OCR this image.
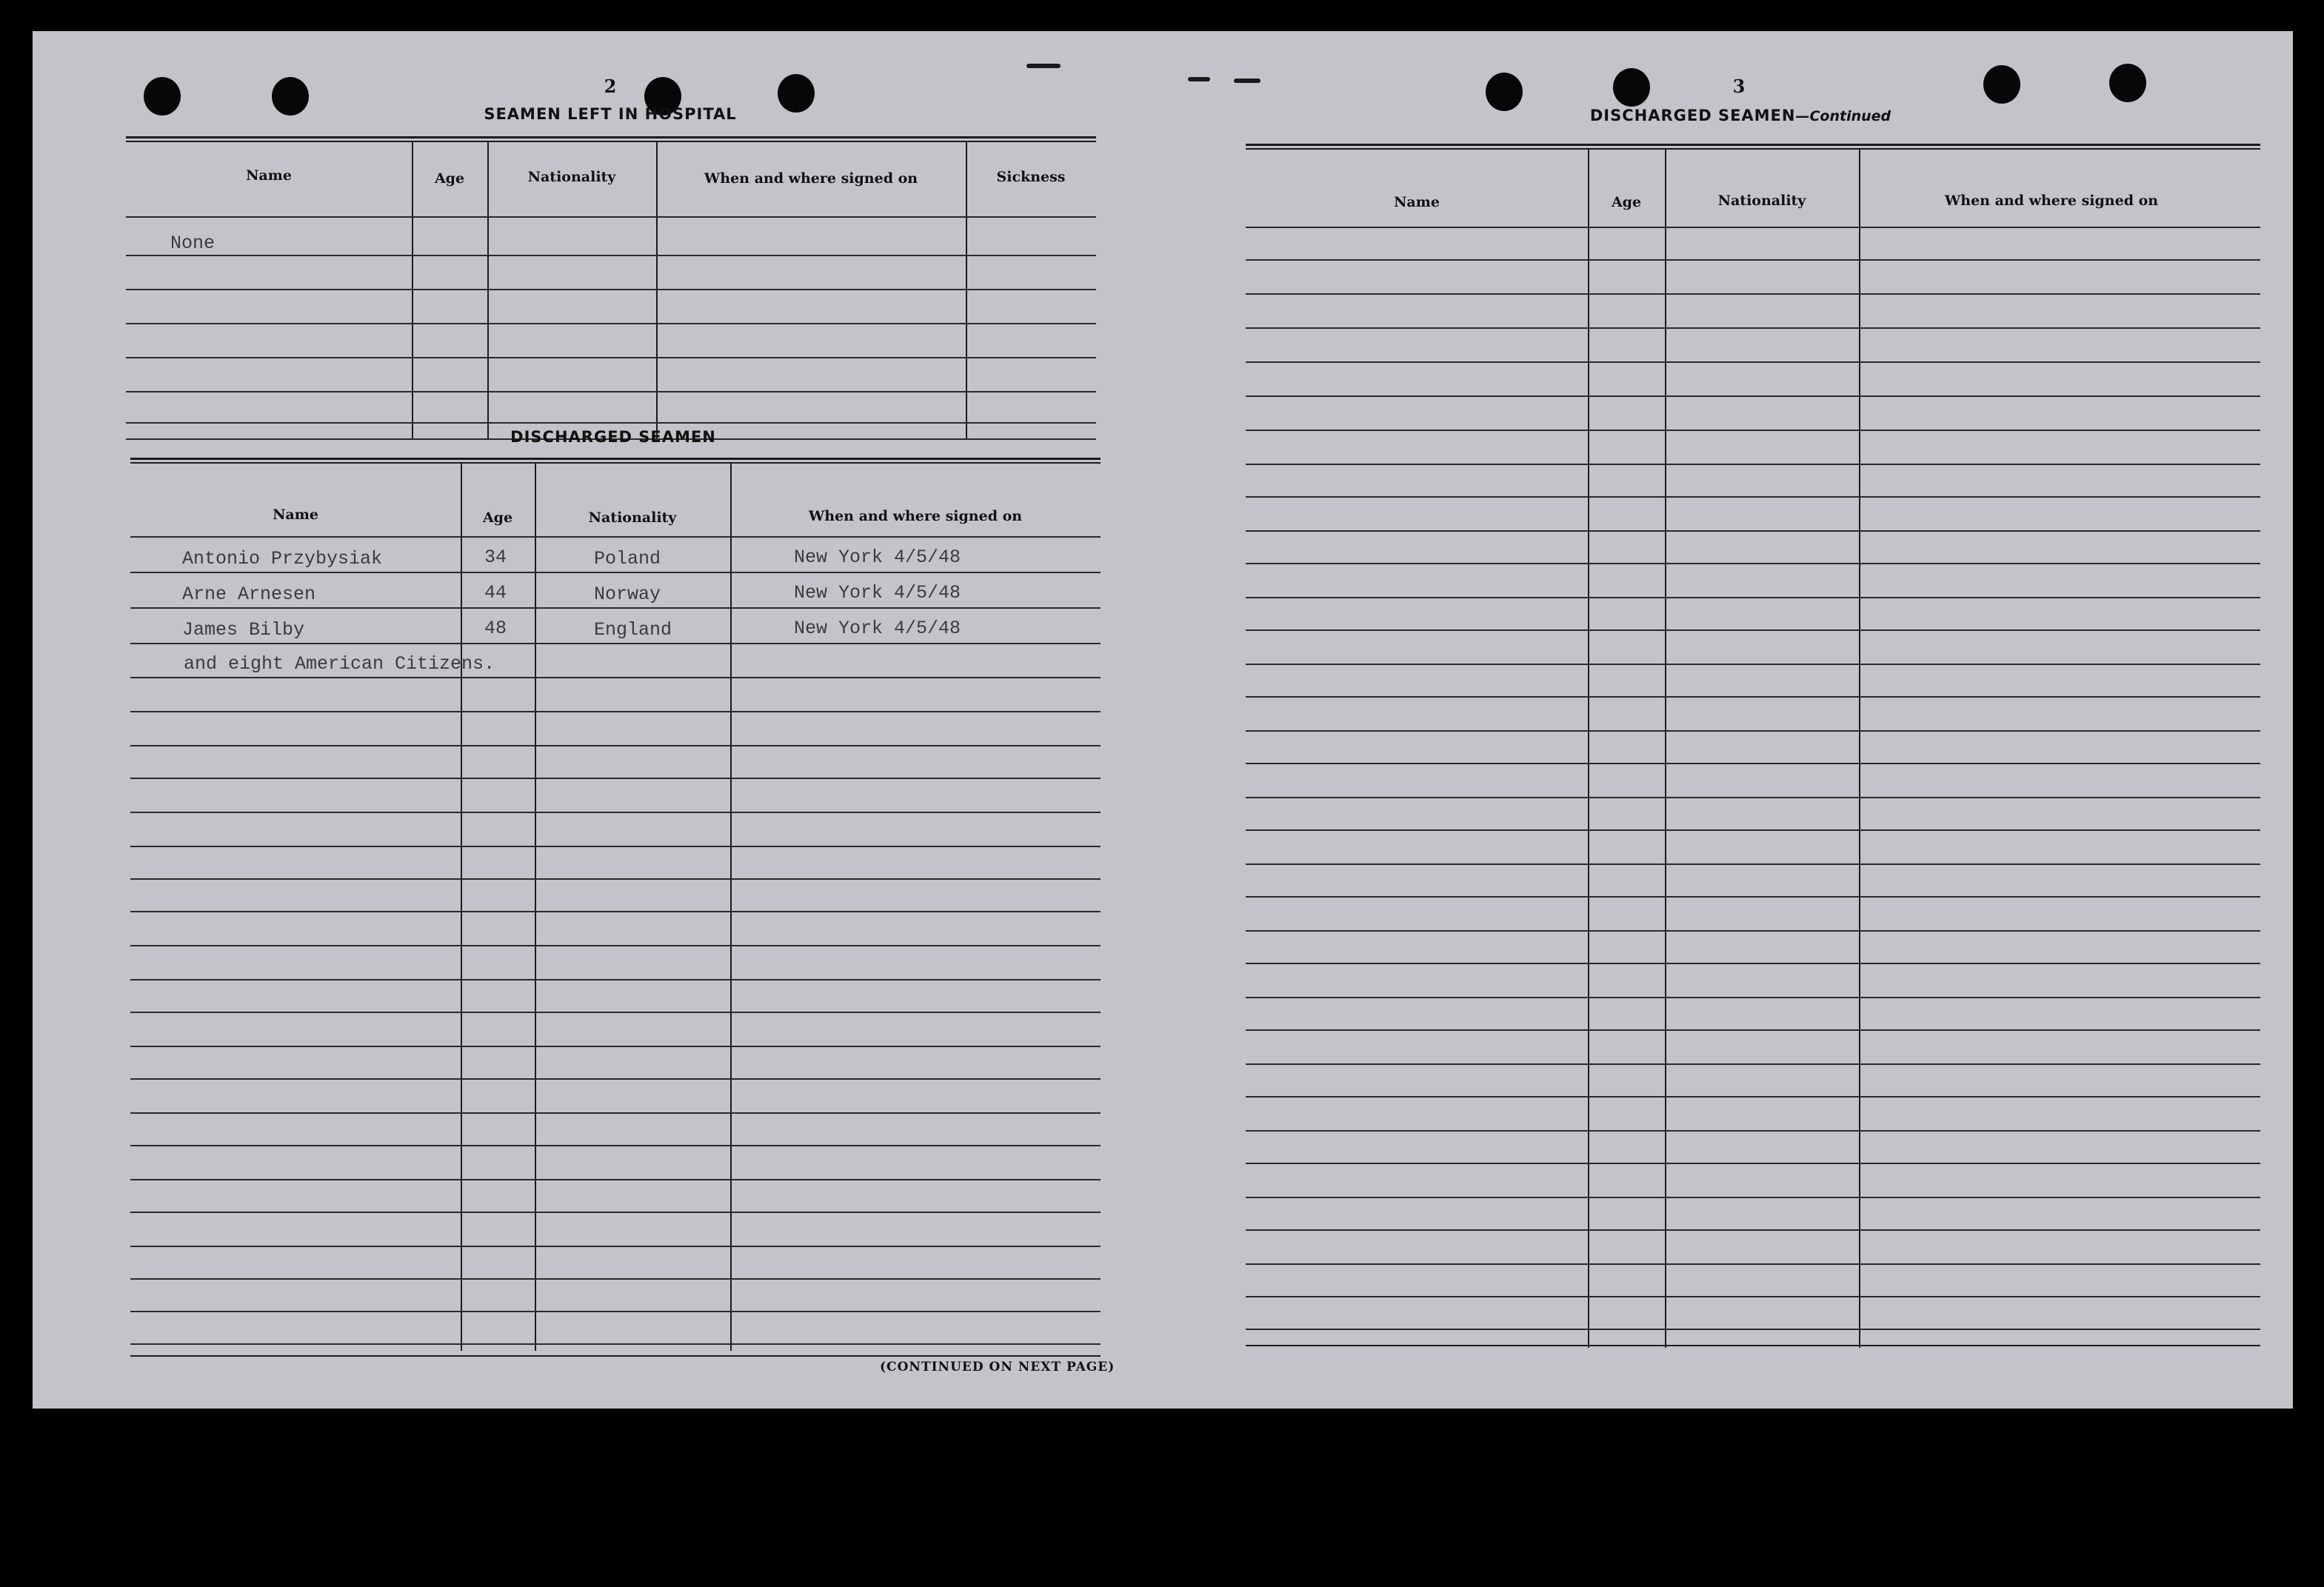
2
SEAMEN LEFT IN HOSPITAL
Name	Age	Nationality	When and where signed on	Sickness
None
DISCHARGED SEAMEN
Name	Age	Nationality	When and where signed on
Antonio Przybysiak	34	Poland	New York 4/5/48
Arne Arnesen	44	Norway	New York 4/5/48
James Bilby	48	England	New York 4/5/48
and eight American Citizens.
(CONTINUED ON NEXT PAGE)
3
DISCHARGED SEAMEN—Continued
Name	Age	Nationality	When and where signed on
